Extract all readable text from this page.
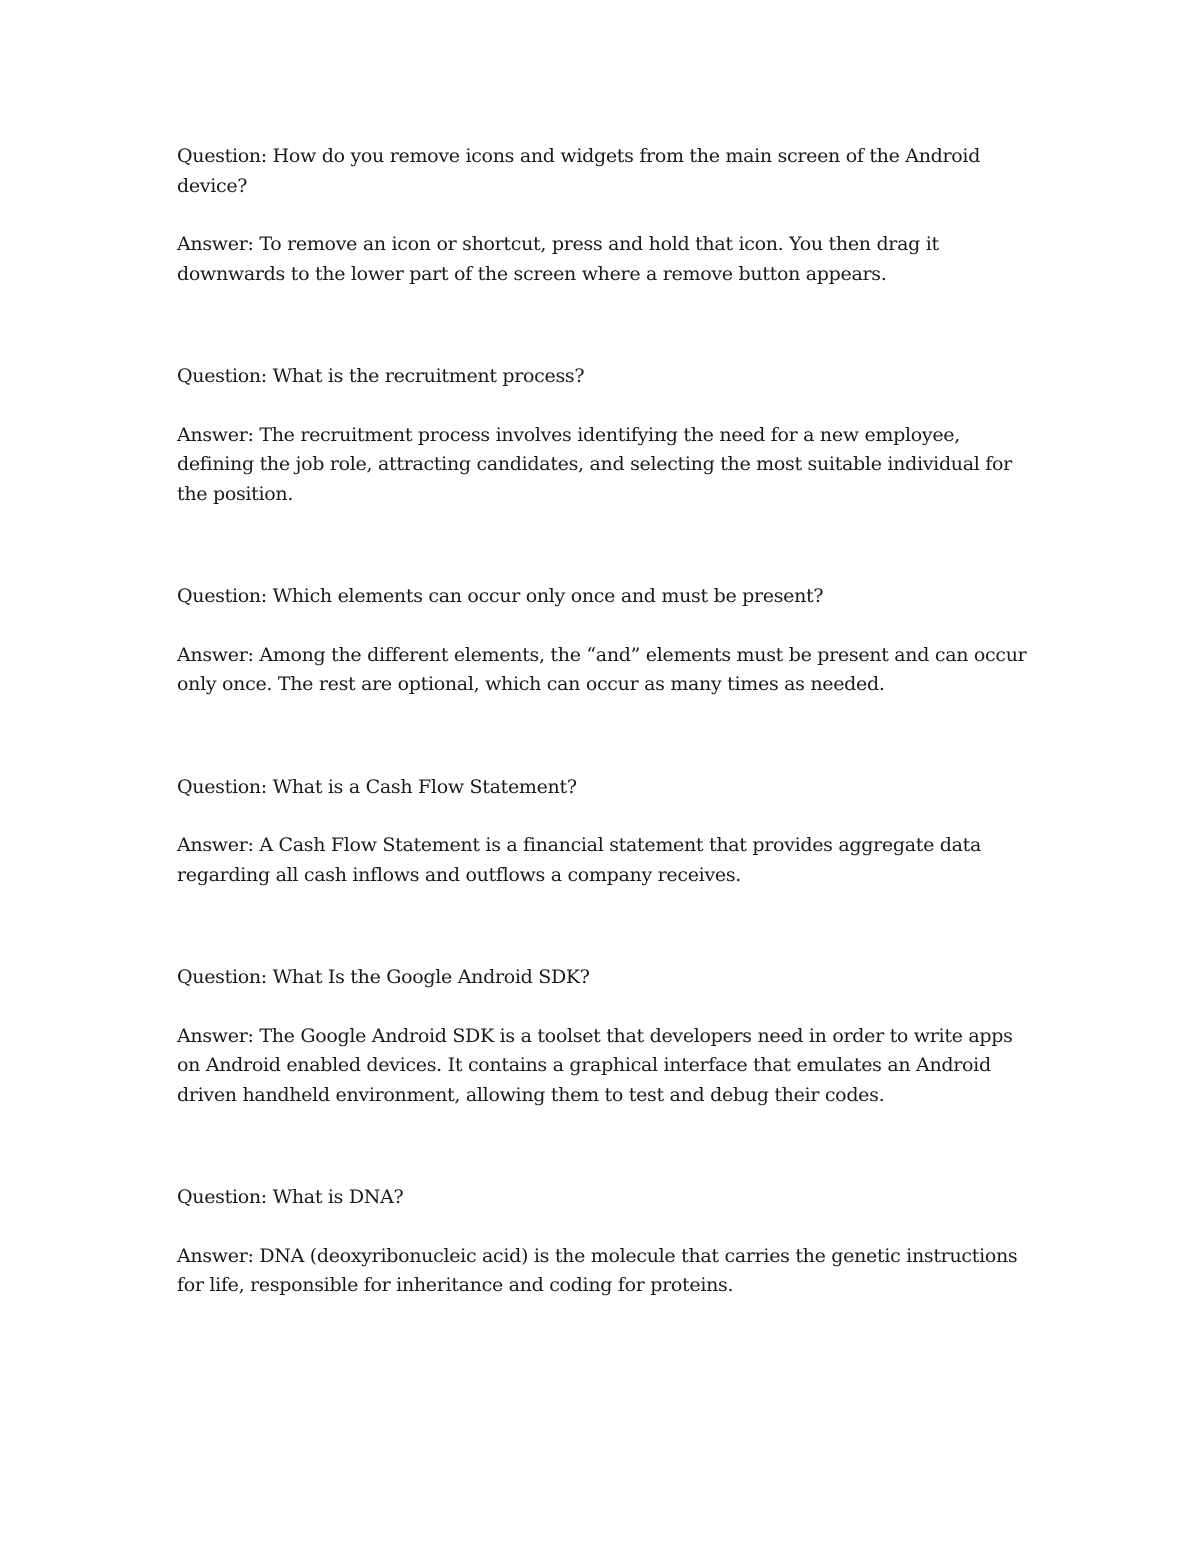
Question: How do you remove icons and widgets from the main screen of the Android device?

Answer: To remove an icon or shortcut, press and hold that icon. You then drag it downwards to the lower part of the screen where a remove button appears.

Question: What is the recruitment process?

Answer: The recruitment process involves identifying the need for a new employee, defining the job role, attracting candidates, and selecting the most suitable individual for the position.

Question: Which elements can occur only once and must be present?

Answer: Among the different elements, the “and” elements must be present and can occur only once. The rest are optional, which can occur as many times as needed.

Question: What is a Cash Flow Statement?

Answer: A Cash Flow Statement is a financial statement that provides aggregate data regarding all cash inflows and outflows a company receives.

Question: What Is the Google Android SDK?

Answer: The Google Android SDK is a toolset that developers need in order to write apps on Android enabled devices. It contains a graphical interface that emulates an Android driven handheld environment, allowing them to test and debug their codes.

Question: What is DNA?

Answer: DNA (deoxyribonucleic acid) is the molecule that carries the genetic instructions for life, responsible for inheritance and coding for proteins.
